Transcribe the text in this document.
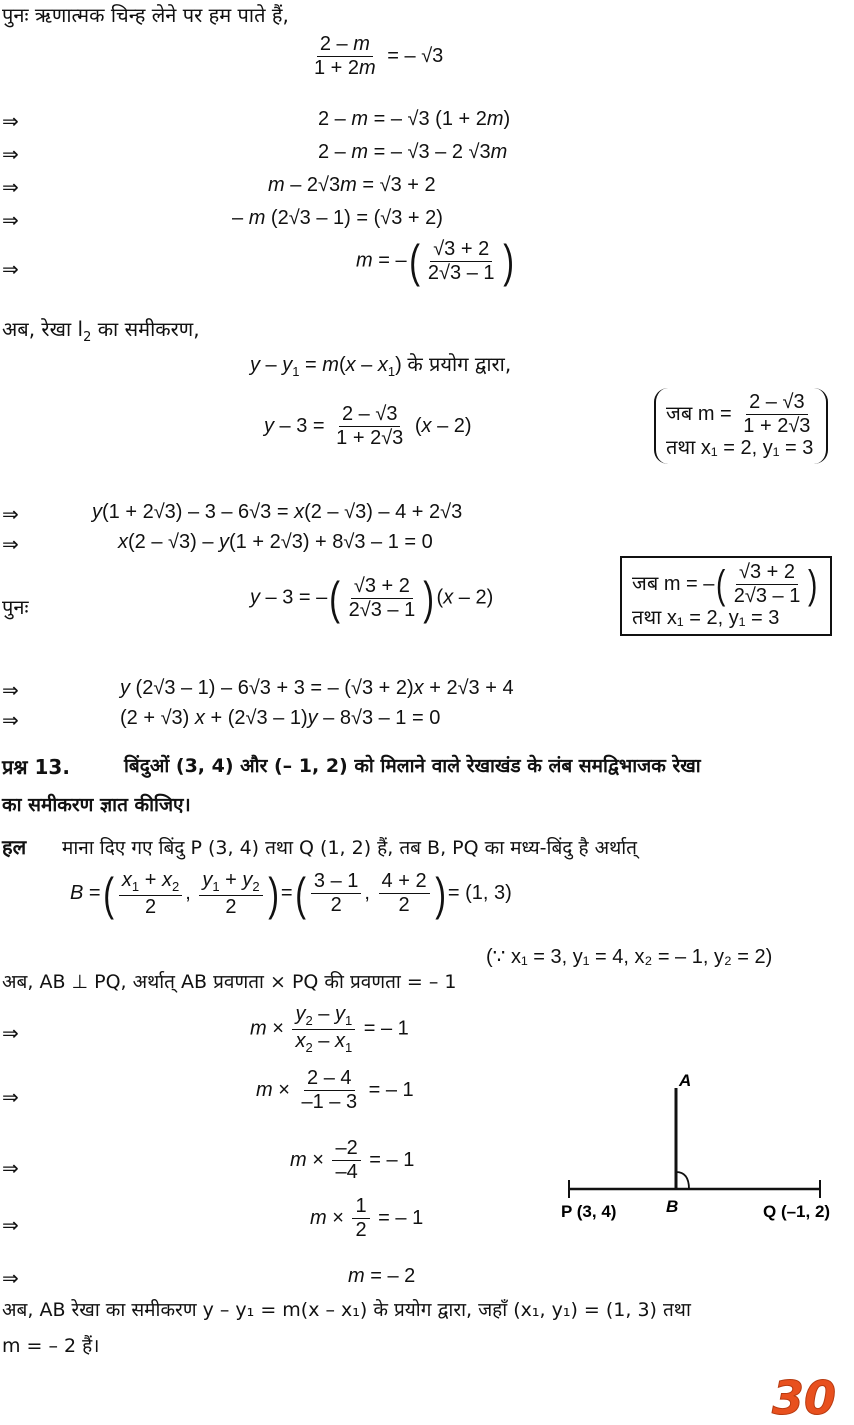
पुनः ऋणात्मक चिन्ह लेने पर हम पाते हैं,
$\frac{2 - m}{1 + 2m}$ = – √3
⇒	2 – m = – √3 (1 + 2m)
⇒	2 – m = – √3 – 2 √3m
⇒	m – 2√3m = √3 + 2
⇒	– m (2√3 – 1) = (√3 + 2)
⇒	m = –( $\frac{√3 + 2}{2√3 - 1}$ )
अब, रेखा $l_2$ का समीकरण,
$y - y_1 = m(x - x_1)$ के प्रयोग द्वारा,
$y - 3 = \frac{2 - √3}{1 + 2√3} (x - 2)$
जब $m = \frac{2 - √3}{1 + 2√3}$
तथा x₁ = 2, y₁ = 3
⇒	y(1 + 2√3) – 3 – 6√3 = x(2 – √3) – 4 + 2√3
⇒	x(2 – √3) – y(1 + 2√3) + 8√3 – 1 = 0
पुनः	y – 3 = –( $\frac{√3 + 2}{2√3 - 1}$ ) (x – 2)
जब m = –( $\frac{√3 + 2}{2√3 - 1}$ )
तथा x₁ = 2, y₁ = 3
⇒	y (2√3 – 1) – 6√3 + 3 = – (√3 + 2)x + 2√3 + 4
⇒	(2 + √3) x + (2√3 – 1)y – 8√3 – 1 = 0
प्रश्न 13.	बिंदुओं (3, 4) और (– 1, 2) को मिलाने वाले रेखाखंड के लंब समद्विभाजक रेखा
का समीकरण ज्ञात कीजिए।
हल माना दिए गए बिंदु P (3, 4) तथा Q (1, 2) हैं, तब B, PQ का मध्य-बिंदु है अर्थात्
B =( $\frac{x_1 + x_2}{2}$ , $\frac{y_1 + y_2}{2}$ ) =( $\frac{3 - 1}{2}$ , $\frac{4 + 2}{2}$ ) = (1, 3)
(∵ x₁ = 3, y₁ = 4, x₂ = – 1, y₂ = 2)
अब, AB ⊥ PQ, अर्थात् AB प्रवणता × PQ की प्रवणता = – 1
⇒	$m \times \frac{y_2 - y_1}{x_2 - x_1}$ = – 1
⇒	$m \times \frac{2 - 4}{-1 - 3}$ = – 1
⇒	$m \times \frac{-2}{-4}$ = – 1
⇒	$m \times \frac{1}{2}$ = – 1
⇒	m = – 2
अब, AB रेखा का समीकरण y – y₁ = m(x – x₁) के प्रयोग द्वारा, जहाँ (x₁, y₁) = (1, 3) तथा
m = – 2 हैं।
A
B
P (3, 4)	Q (–1, 2)
30
